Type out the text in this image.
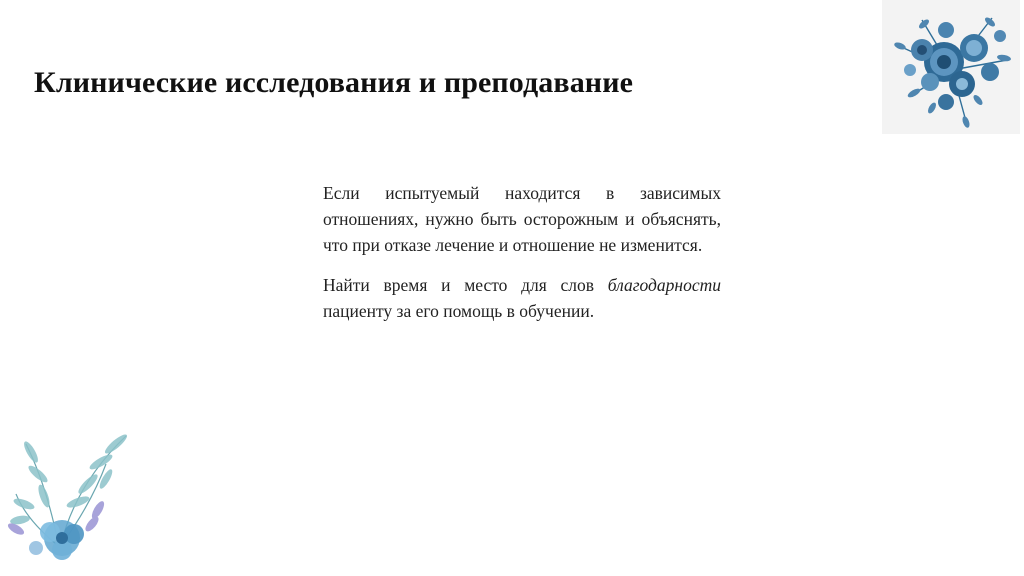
Клинические исследования и преподавание

Если испытуемый находится в зависимых отношениях, нужно быть осторожным и объяснять, что при отказе лечение и отношение не изменится.

Найти время и место для слов благодарности пациенту за его помощь в обучении.
